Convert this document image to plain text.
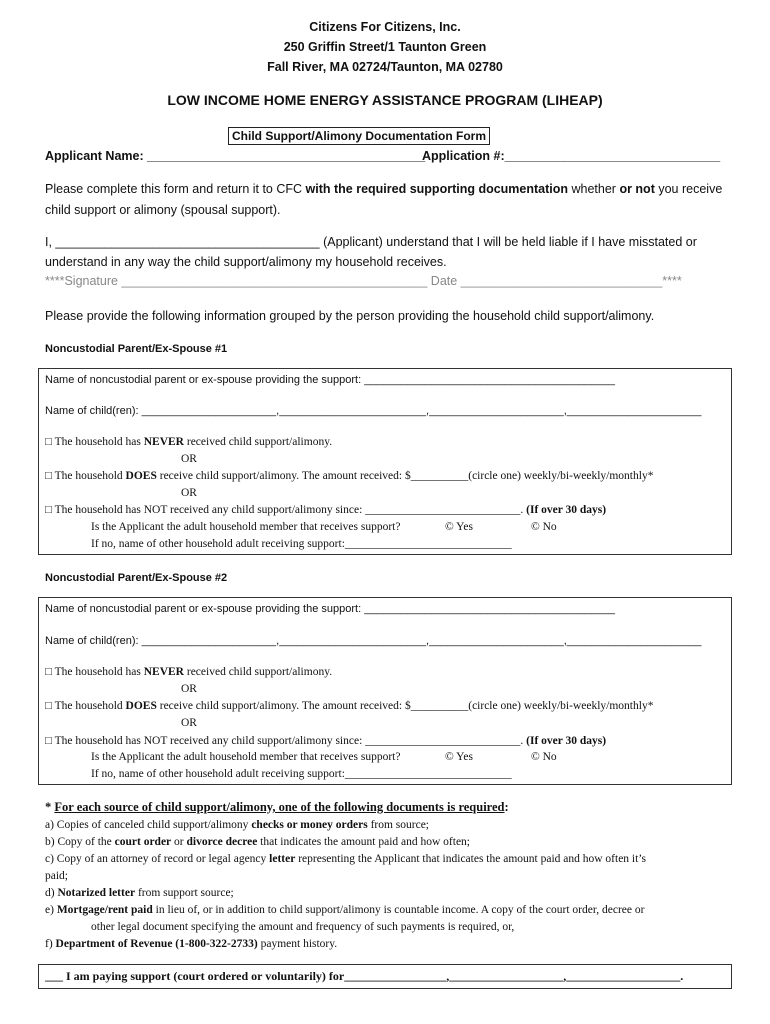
Citizens For Citizens, Inc.
250 Griffin Street/1 Taunton Green
Fall River, MA 02724/Taunton, MA 02780
LOW INCOME HOME ENERGY ASSISTANCE PROGRAM (LIHEAP)
Child Support/Alimony Documentation Form
Applicant Name: ________________________________________
Application #:_______________________________
Please complete this form and return it to CFC with the required supporting documentation whether or not you receive
child support or alimony (spousal support).
I, ______________________________________ (Applicant) understand that I will be held liable if I have misstated or
understand in any way the child support/alimony my household receives.
****Signature ____________________________________________ Date _____________________________****
Please provide the following information grouped by the person providing the household child support/alimony.
Noncustodial Parent/Ex-Spouse #1
Name of noncustodial parent or ex-spouse providing the support: _________________________________________
Name of child(ren): ______________________,________________________,______________________,______________________
□ The household has NEVER received child support/alimony.
OR
□ The household DOES receive child support/alimony. The amount received: $__________(circle one) weekly/bi-weekly/monthly*
OR
□ The household has NOT received any child support/alimony since: ___________________________. (If over 30 days)
Is the Applicant the adult household member that receives support?	© Yes	© No
If no, name of other household adult receiving support:_____________________________
Noncustodial Parent/Ex-Spouse #2
Name of noncustodial parent or ex-spouse providing the support: _________________________________________
Name of child(ren): ______________________,________________________,______________________,______________________
□ The household has NEVER received child support/alimony.
OR
□ The household DOES receive child support/alimony. The amount received: $__________(circle one) weekly/bi-weekly/monthly*
OR
□ The household has NOT received any child support/alimony since: ___________________________. (If over 30 days)
Is the Applicant the adult household member that receives support?	© Yes	© No
If no, name of other household adult receiving support:_____________________________
* For each source of child support/alimony, one of the following documents is required:
a) Copies of canceled child support/alimony checks or money orders from source;
b) Copy of the court order or divorce decree that indicates the amount paid and how often;
c) Copy of an attorney of record or legal agency letter representing the Applicant that indicates the amount paid and how often it’s
paid;
d) Notarized letter from support source;
e) Mortgage/rent paid in lieu of, or in addition to child support/alimony is countable income. A copy of the court order, decree or
other legal document specifying the amount and frequency of such payments is required, or,
f) Department of Revenue (1-800-322-2733) payment history.
___ I am paying support (court ordered or voluntarily) for_________________,___________________,___________________.
